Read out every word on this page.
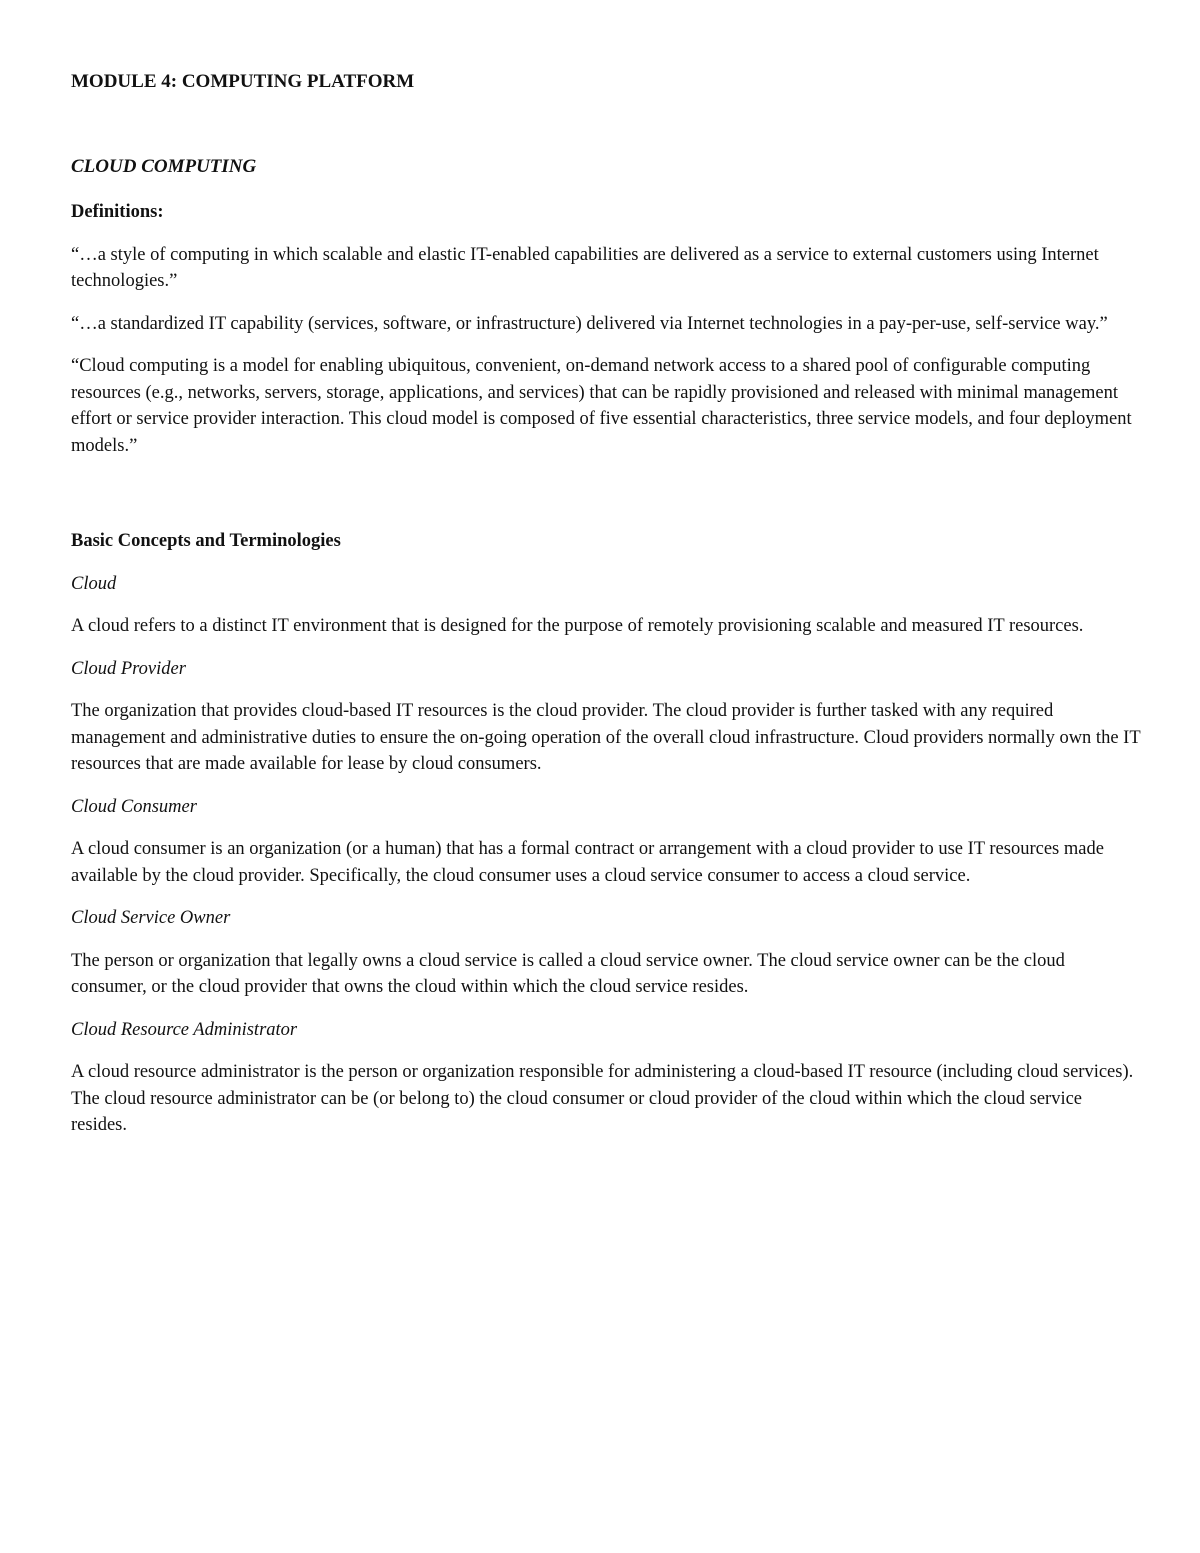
MODULE 4: COMPUTING PLATFORM
CLOUD COMPUTING

Definitions:

“…a style of computing in which scalable and elastic IT-enabled capabilities are delivered as a service to external customers using Internet technologies.”

“…a standardized IT capability (services, software, or infrastructure) delivered via Internet technologies in a pay-per-use, self-service way.”

“Cloud computing is a model for enabling ubiquitous, convenient, on-demand network access to a shared pool of configurable computing resources (e.g., networks, servers, storage, applications, and services) that can be rapidly provisioned and released with minimal management effort or service provider interaction. This cloud model is composed of five essential characteristics, three service models, and four deployment models.”

Basic Concepts and Terminologies

Cloud

A cloud refers to a distinct IT environment that is designed for the purpose of remotely provisioning scalable and measured IT resources.

Cloud Provider

The organization that provides cloud-based IT resources is the cloud provider. The cloud provider is further tasked with any required management and administrative duties to ensure the on-going operation of the overall cloud infrastructure. Cloud providers normally own the IT resources that are made available for lease by cloud consumers.

Cloud Consumer

A cloud consumer is an organization (or a human) that has a formal contract or arrangement with a cloud provider to use IT resources made available by the cloud provider. Specifically, the cloud consumer uses a cloud service consumer to access a cloud service.

Cloud Service Owner

The person or organization that legally owns a cloud service is called a cloud service owner. The cloud service owner can be the cloud consumer, or the cloud provider that owns the cloud within which the cloud service resides.

Cloud Resource Administrator

A cloud resource administrator is the person or organization responsible for administering a cloud-based IT resource (including cloud services). The cloud resource administrator can be (or belong to) the cloud consumer or cloud provider of the cloud within which the cloud service resides.
